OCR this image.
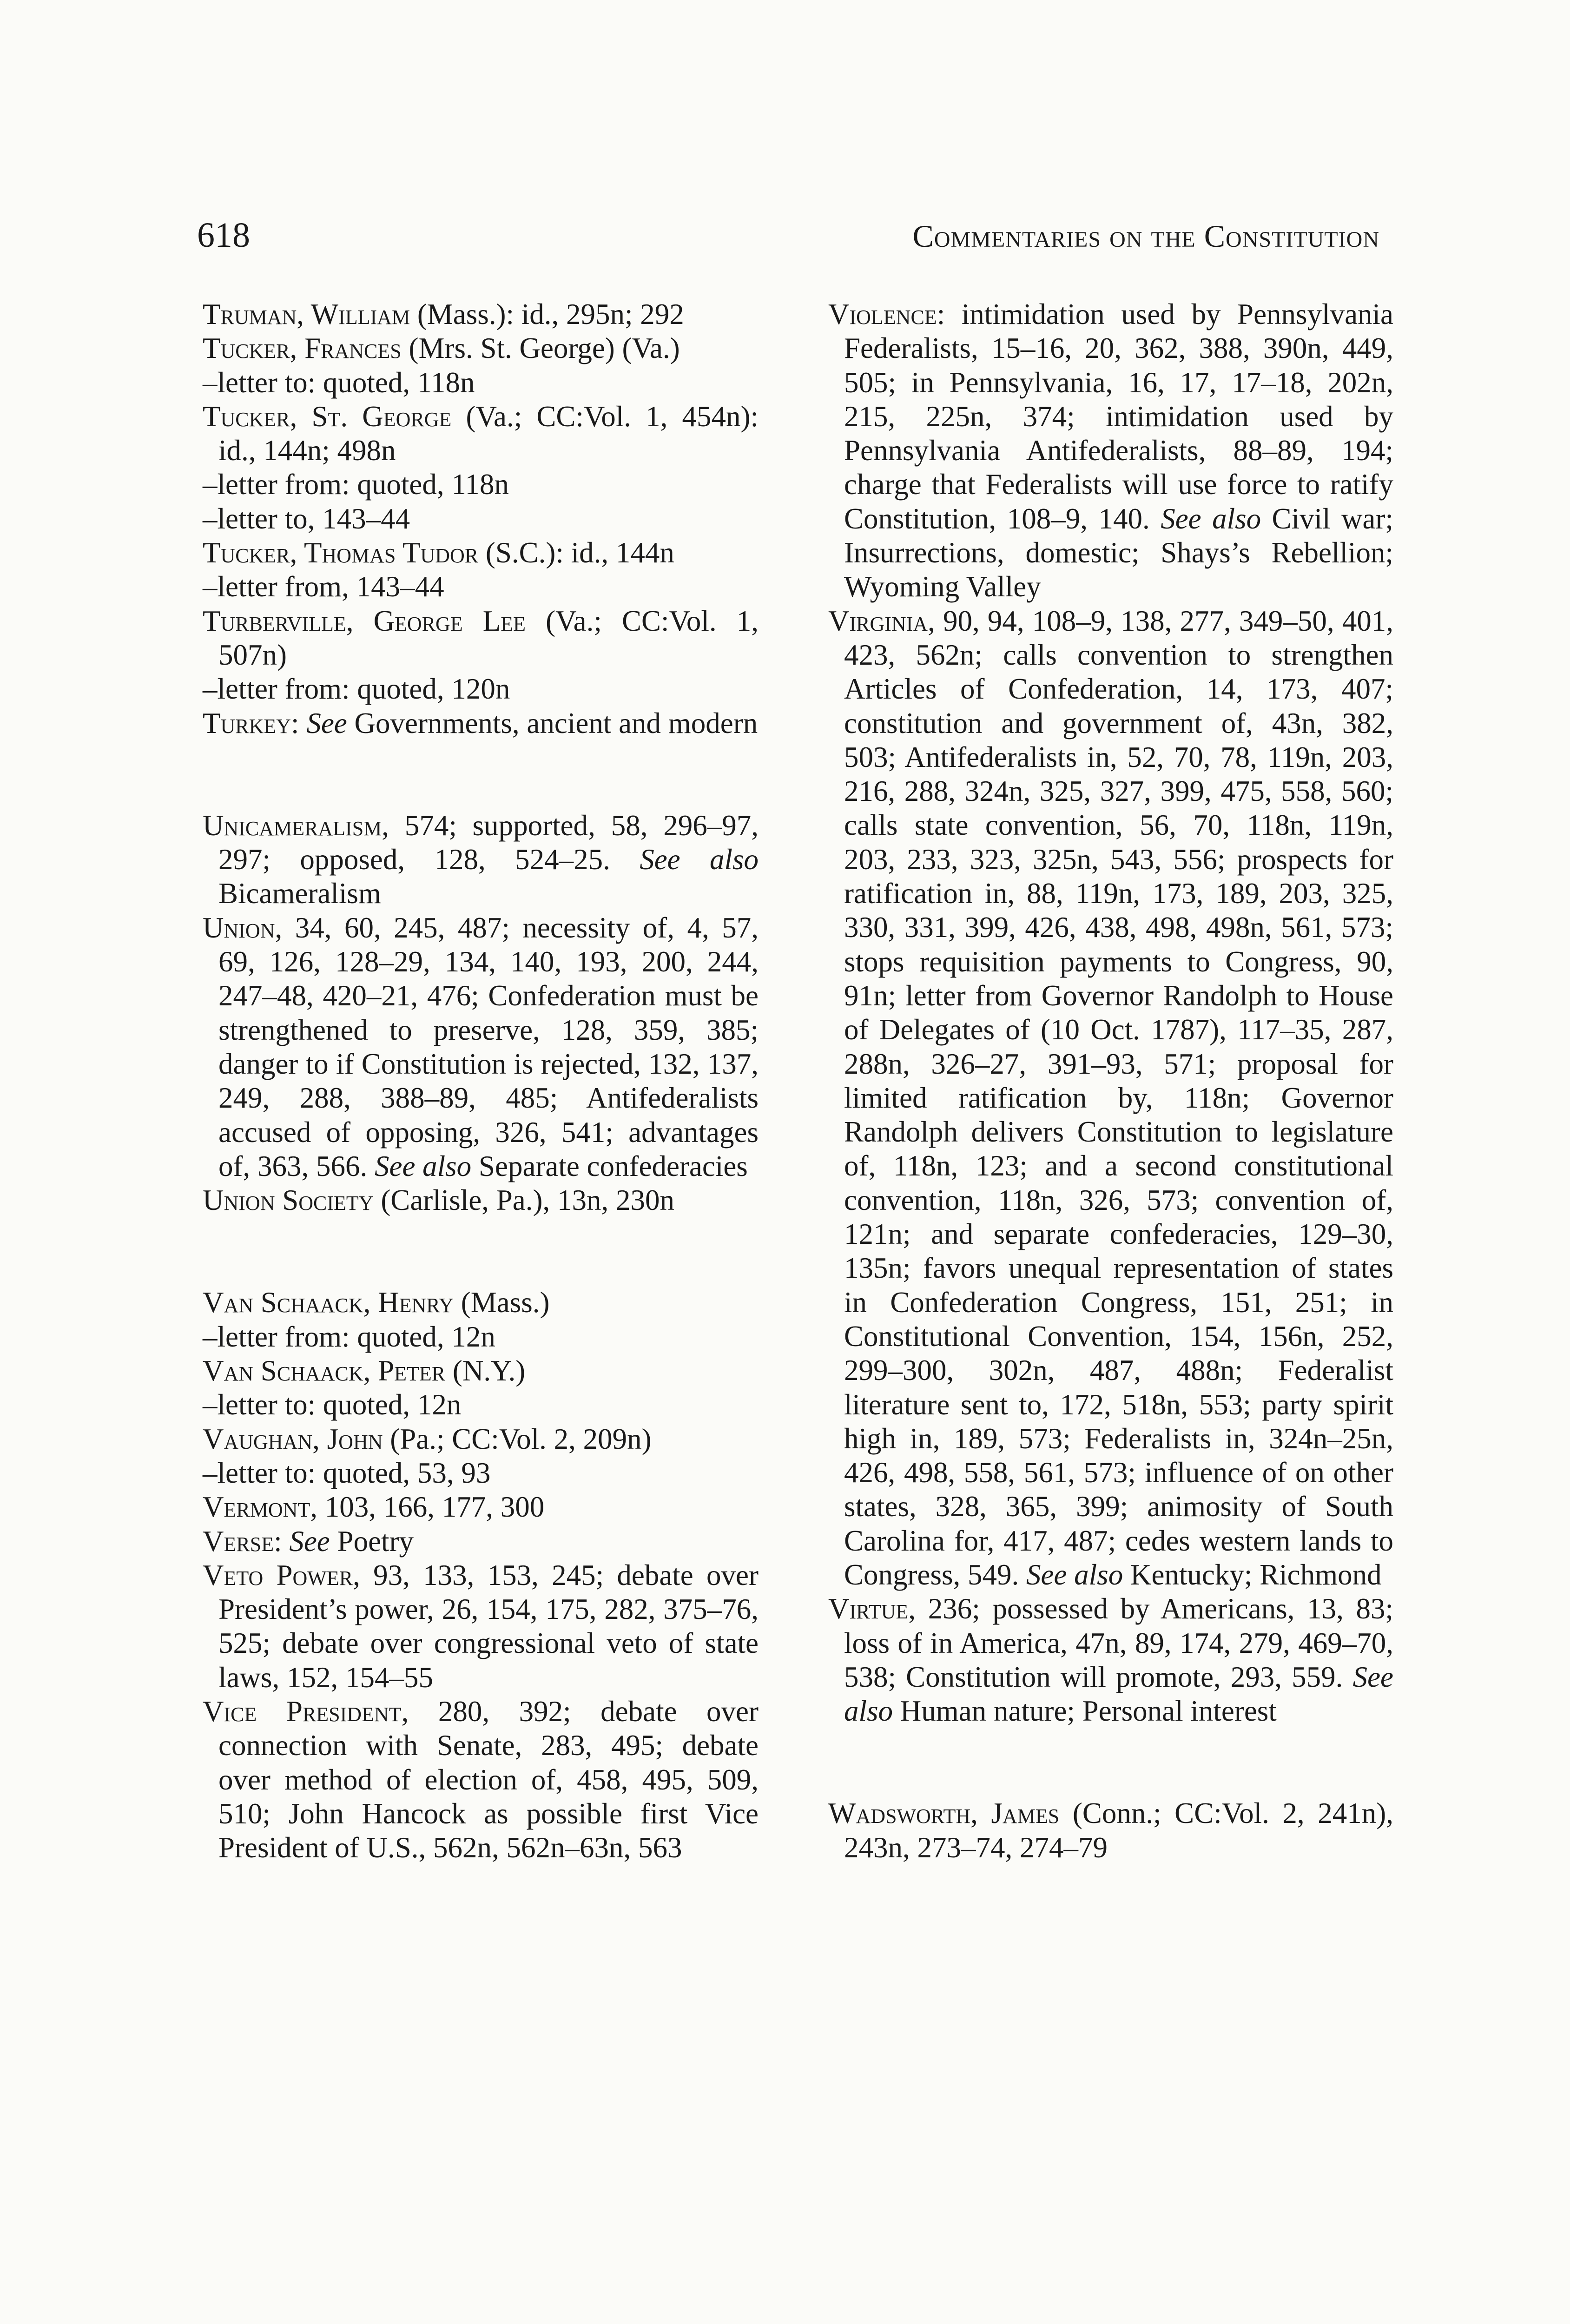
618	Commentaries on the Constitution
Truman, William (Mass.): id., 295n; 292
Tucker, Frances (Mrs. St. George) (Va.)
–letter to: quoted, 118n
Tucker, St. George (Va.; CC:Vol. 1, 454n): id., 144n; 498n
–letter from: quoted, 118n
–letter to, 143–44
Tucker, Thomas Tudor (S.C.): id., 144n
–letter from, 143–44
Turberville, George Lee (Va.; CC:Vol. 1, 507n)
–letter from: quoted, 120n
Turkey: See Governments, ancient and modern
Unicameralism, 574; supported, 58, 296–97, 297; opposed, 128, 524–25. See also Bicameralism
Union, 34, 60, 245, 487; necessity of, 4, 57, 69, 126, 128–29, 134, 140, 193, 200, 244, 247–48, 420–21, 476; Confederation must be strengthened to preserve, 128, 359, 385; danger to if Constitution is rejected, 132, 137, 249, 288, 388–89, 485; Antifederalists accused of opposing, 326, 541; advantages of, 363, 566. See also Separate confederacies
Union Society (Carlisle, Pa.), 13n, 230n
Van Schaack, Henry (Mass.)
–letter from: quoted, 12n
Van Schaack, Peter (N.Y.)
–letter to: quoted, 12n
Vaughan, John (Pa.; CC:Vol. 2, 209n)
–letter to: quoted, 53, 93
Vermont, 103, 166, 177, 300
Verse: See Poetry
Veto Power, 93, 133, 153, 245; debate over President’s power, 26, 154, 175, 282, 375–76, 525; debate over congressional veto of state laws, 152, 154–55
Vice President, 280, 392; debate over connection with Senate, 283, 495; debate over method of election of, 458, 495, 509, 510; John Hancock as possible first Vice President of U.S., 562n, 562n–63n, 563
Violence: intimidation used by Pennsylvania Federalists, 15–16, 20, 362, 388, 390n, 449, 505; in Pennsylvania, 16, 17, 17–18, 202n, 215, 225n, 374; intimidation used by Pennsylvania Antifederalists, 88–89, 194; charge that Federalists will use force to ratify Constitution, 108–9, 140. See also Civil war; Insurrections, domestic; Shays’s Rebellion; Wyoming Valley
Virginia, 90, 94, 108–9, 138, 277, 349–50, 401, 423, 562n; calls convention to strengthen Articles of Confederation, 14, 173, 407; constitution and government of, 43n, 382, 503; Antifederalists in, 52, 70, 78, 119n, 203, 216, 288, 324n, 325, 327, 399, 475, 558, 560; calls state convention, 56, 70, 118n, 119n, 203, 233, 323, 325n, 543, 556; prospects for ratification in, 88, 119n, 173, 189, 203, 325, 330, 331, 399, 426, 438, 498, 498n, 561, 573; stops requisition payments to Congress, 90, 91n; letter from Governor Randolph to House of Delegates of (10 Oct. 1787), 117–35, 287, 288n, 326–27, 391–93, 571; proposal for limited ratification by, 118n; Governor Randolph delivers Constitution to legislature of, 118n, 123; and a second constitutional convention, 118n, 326, 573; convention of, 121n; and separate confederacies, 129–30, 135n; favors unequal representation of states in Confederation Congress, 151, 251; in Constitutional Convention, 154, 156n, 252, 299–300, 302n, 487, 488n; Federalist literature sent to, 172, 518n, 553; party spirit high in, 189, 573; Federalists in, 324n–25n, 426, 498, 558, 561, 573; influence of on other states, 328, 365, 399; animosity of South Carolina for, 417, 487; cedes western lands to Congress, 549. See also Kentucky; Richmond
Virtue, 236; possessed by Americans, 13, 83; loss of in America, 47n, 89, 174, 279, 469–70, 538; Constitution will promote, 293, 559. See also Human nature; Personal interest
Wadsworth, James (Conn.; CC:Vol. 2, 241n), 243n, 273–74, 274–79
